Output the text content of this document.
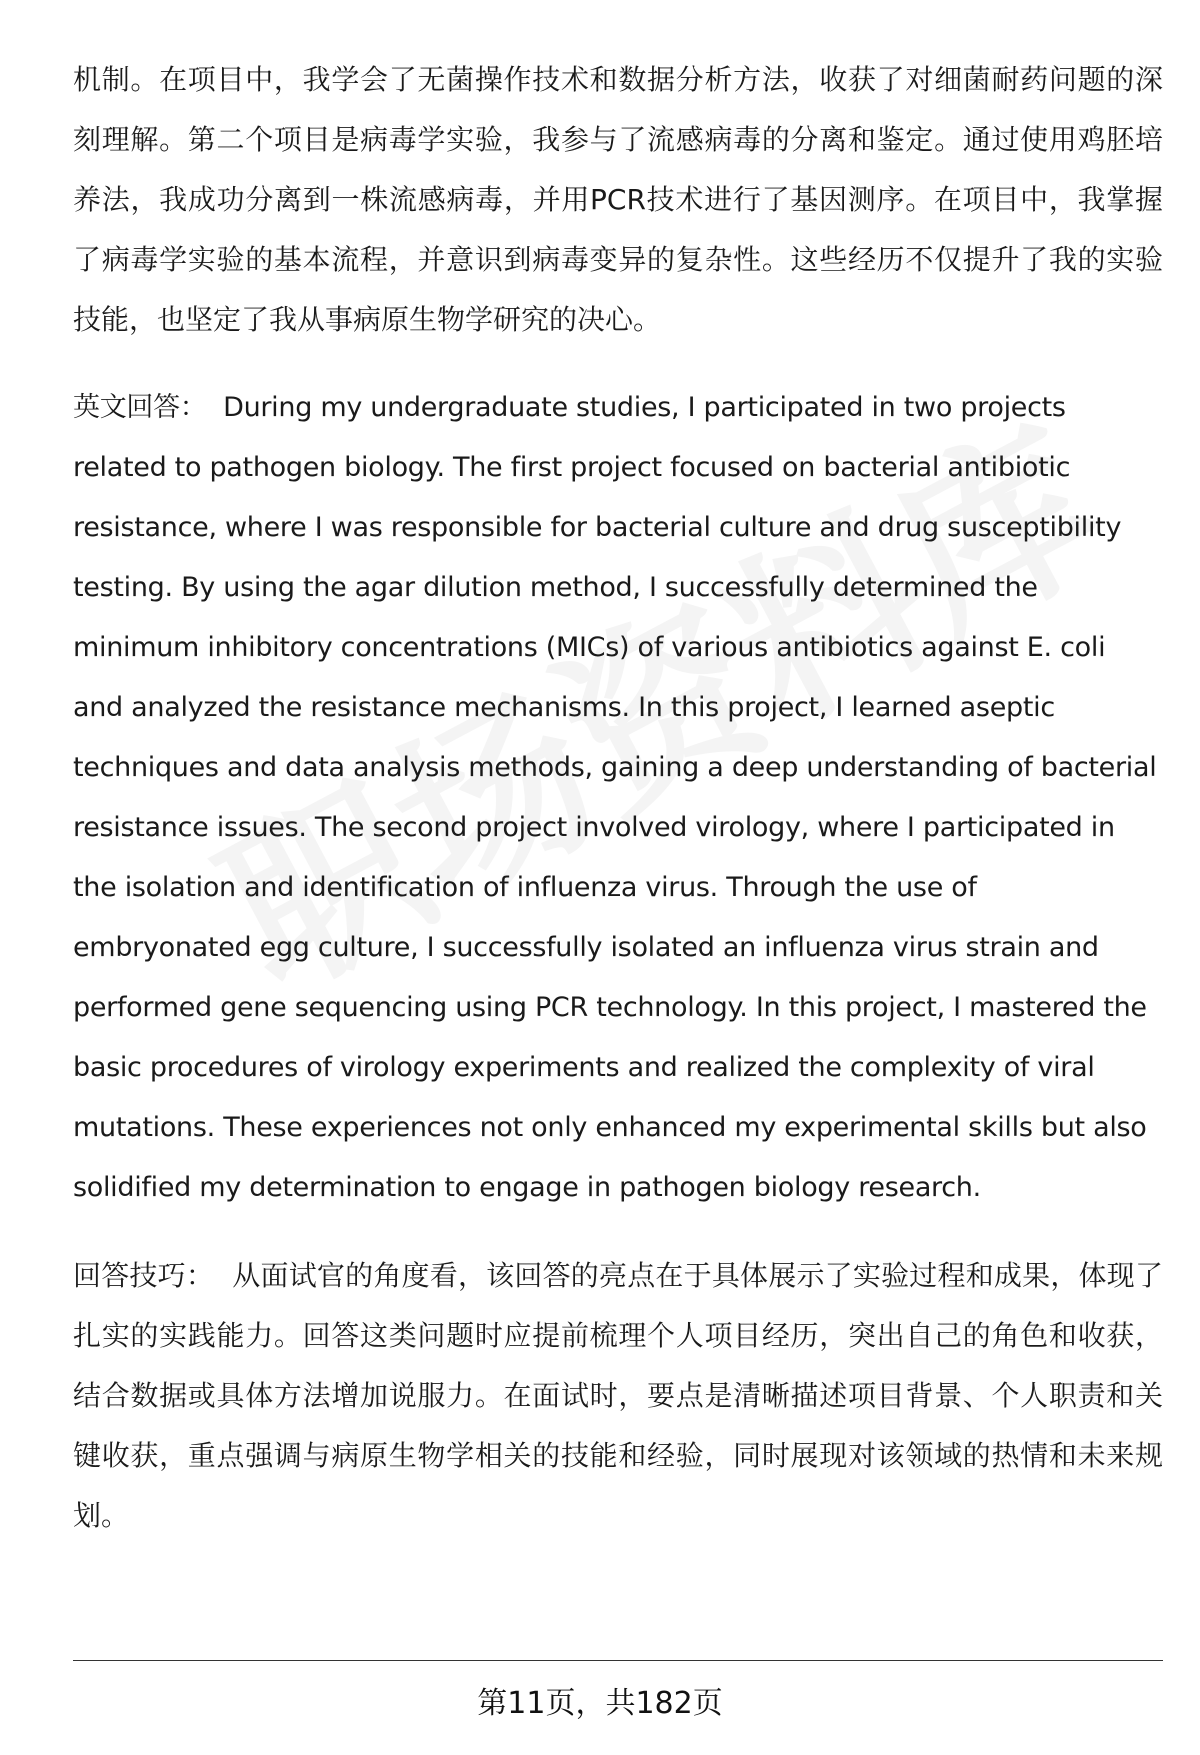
机制。在项目中，我学会了无菌操作技术和数据分析方法，收获了对细菌耐药问题的深刻理解。第二个项目是病毒学实验，我参与了流感病毒的分离和鉴定。通过使用鸡胚培养法，我成功分离到一株流感病毒，并用PCR技术进行了基因测序。在项目中，我掌握了病毒学实验的基本流程，并意识到病毒变异的复杂性。这些经历不仅提升了我的实验技能，也坚定了我从事病原生物学研究的决心。

英文回答： During my undergraduate studies, I participated in two projects related to pathogen biology. The first project focused on bacterial antibiotic resistance, where I was responsible for bacterial culture and drug susceptibility testing. By using the agar dilution method, I successfully determined the minimum inhibitory concentrations (MICs) of various antibiotics against E. coli and analyzed the resistance mechanisms. In this project, I learned aseptic techniques and data analysis methods, gaining a deep understanding of bacterial resistance issues. The second project involved virology, where I participated in the isolation and identification of influenza virus. Through the use of embryonated egg culture, I successfully isolated an influenza virus strain and performed gene sequencing using PCR technology. In this project, I mastered the basic procedures of virology experiments and realized the complexity of viral mutations. These experiences not only enhanced my experimental skills but also solidified my determination to engage in pathogen biology research.

回答技巧： 从面试官的角度看，该回答的亮点在于具体展示了实验过程和成果，体现了扎实的实践能力。回答这类问题时应提前梳理个人项目经历，突出自己的角色和收获，结合数据或具体方法增加说服力。在面试时，要点是清晰描述项目背景、个人职责和关键收获，重点强调与病原生物学相关的技能和经验，同时展现对该领域的热情和未来规划。

第11页，共182页
